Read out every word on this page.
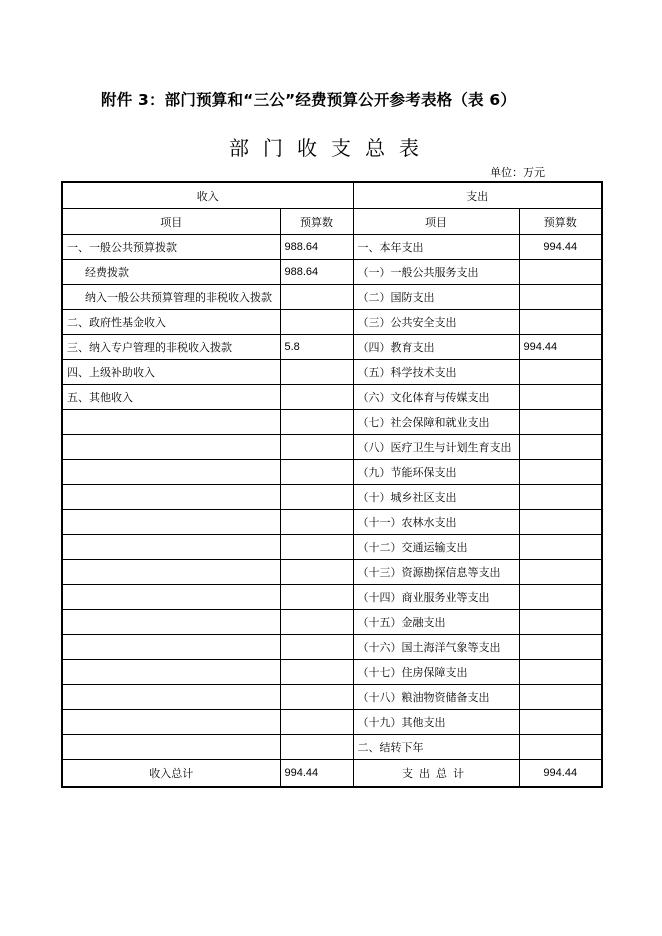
附件 3：部门预算和“三公”经费预算公开参考表格（表 6）
部门收支总表
单位：万元
收入		支出	
项目	预算数	项目	预算数
一、一般公共预算拨款	988.64	一、本年支出	994.44
经费拨款	988.64	（一）一般公共服务支出	
纳入一般公共预算管理的非税收入拨款		（二）国防支出	
二、政府性基金收入		（三）公共安全支出	
三、纳入专户管理的非税收入拨款	5.8	（四）教育支出	994.44
四、上级补助收入		（五）科学技术支出	
五、其他收入		（六）文化体育与传媒支出	
		（七）社会保障和就业支出	
		（八）医疗卫生与计划生育支出	
		（九）节能环保支出	
		（十）城乡社区支出	
		（十一）农林水支出	
		（十二）交通运输支出	
		（十三）资源勘探信息等支出	
		（十四）商业服务业等支出	
		（十五）金融支出	
		（十六）国土海洋气象等支出	
		（十七）住房保障支出	
		（十八）粮油物资储备支出	
		（十九）其他支出	
		二、结转下年	
收入总计	994.44	支出总计	994.44
